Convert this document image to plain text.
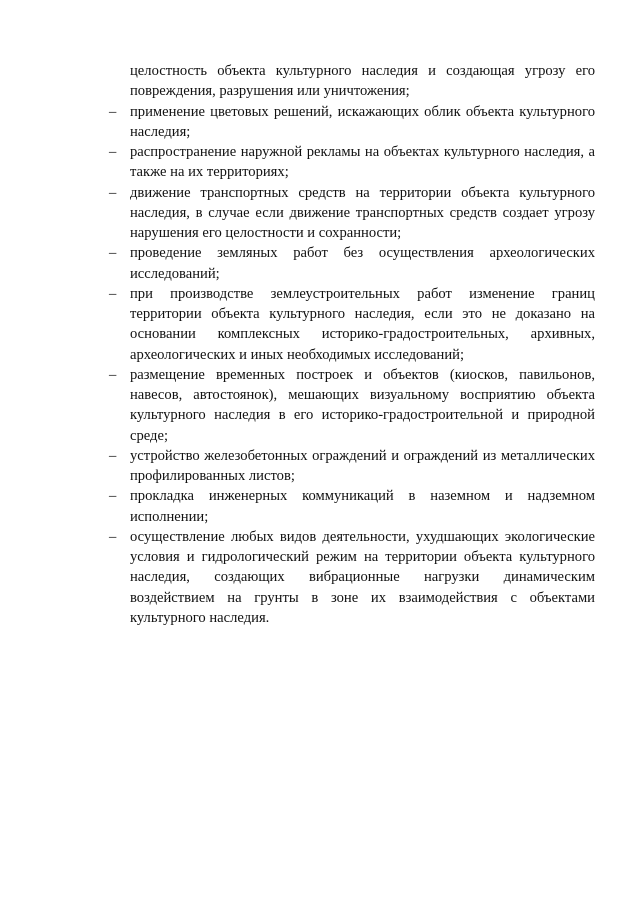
целостность объекта культурного наследия и создающая угрозу его повреждения, разрушения или уничтожения;

– применение цветовых решений, искажающих облик объекта культурного наследия;

– распространение наружной рекламы на объектах культурного наследия, а также на их территориях;

– движение транспортных средств на территории объекта культурного наследия, в случае если движение транспортных средств создает угрозу нарушения его целостности и сохранности;

– проведение земляных работ без осуществления археологических исследований;

– при производстве землеустроительных работ изменение границ территории объекта культурного наследия, если это не доказано на основании комплексных историко-градостроительных, архивных, археологических и иных необходимых исследований;

– размещение временных построек и объектов (киосков, павильонов, навесов, автостоянок), мешающих визуальному восприятию объекта культурного наследия в его историко-градостроительной и природной среде;

– устройство железобетонных ограждений и ограждений из металлических профилированных листов;

– прокладка инженерных коммуникаций в наземном и надземном исполнении;

– осуществление любых видов деятельности, ухудшающих экологические условия и гидрологический режим на территории объекта культурного наследия, создающих вибрационные нагрузки динамическим воздействием на грунты в зоне их взаимодействия с объектами культурного наследия.
